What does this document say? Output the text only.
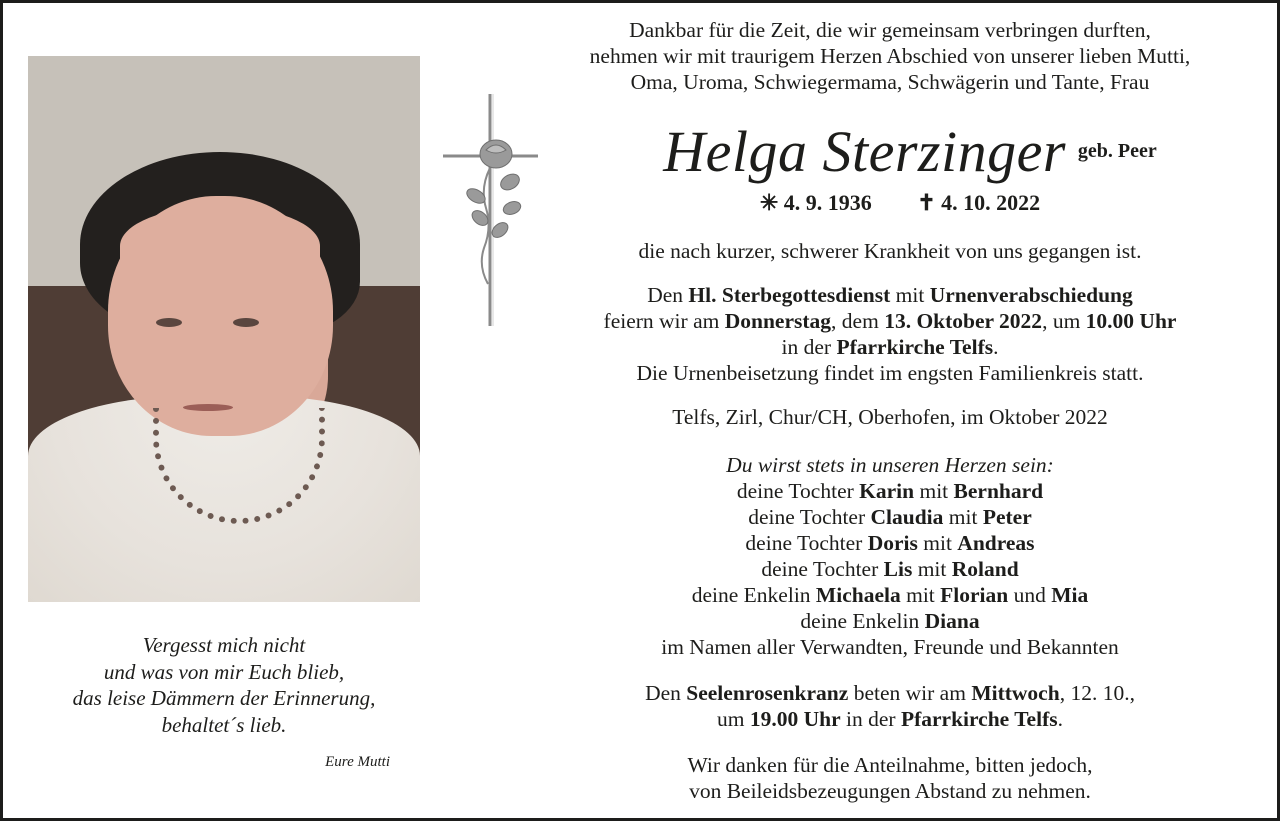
Vergesst mich nicht
und was von mir Euch blieb,
das leise Dämmern der Erinnerung,
behaltet´s lieb.
Eure Mutti
Dankbar für die Zeit, die wir gemeinsam verbringen durften,
nehmen wir mit traurigem Herzen Abschied von unserer lieben Mutti,
Oma, Uroma, Schwiegermama, Schwägerin und Tante, Frau
Helga Sterzinger geb. Peer
✳ 4. 9. 1936 ✝ 4. 10. 2022
die nach kurzer, schwerer Krankheit von uns gegangen ist.
Den Hl. Sterbegottesdienst mit Urnenverabschiedung
feiern wir am Donnerstag, dem 13. Oktober 2022, um 10.00 Uhr
in der Pfarrkirche Telfs.
Die Urnenbeisetzung findet im engsten Familienkreis statt.
Telfs, Zirl, Chur/CH, Oberhofen, im Oktober 2022
Du wirst stets in unseren Herzen sein:
deine Tochter Karin mit Bernhard
deine Tochter Claudia mit Peter
deine Tochter Doris mit Andreas
deine Tochter Lis mit Roland
deine Enkelin Michaela mit Florian und Mia
deine Enkelin Diana
im Namen aller Verwandten, Freunde und Bekannten
Den Seelenrosenkranz beten wir am Mittwoch, 12. 10.,
um 19.00 Uhr in der Pfarrkirche Telfs.
Wir danken für die Anteilnahme, bitten jedoch,
von Beileidsbezeugungen Abstand zu nehmen.
